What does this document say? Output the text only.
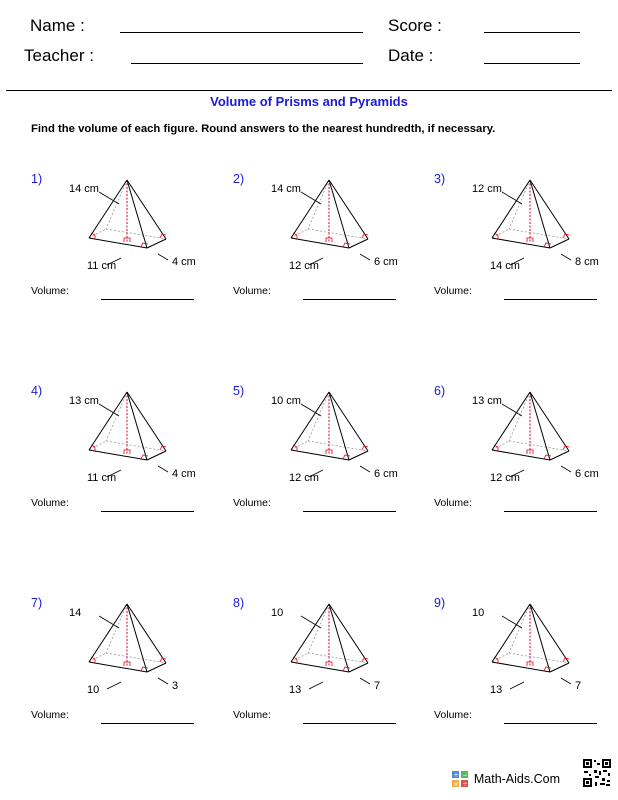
Name :	Score :
Teacher :	Date :
Volume of Prisms and Pyramids
Find the volume of each figure. Round answers to the nearest hundredth, if necessary.
1)
14 cm
11 cm	4 cm
Volume:
2)
14 cm
12 cm	6 cm
Volume:
3)
12 cm
14 cm	8 cm
Volume:
4)
13 cm
11 cm	4 cm
Volume:
5)
10 cm
12 cm	6 cm
Volume:
6)
13 cm
12 cm	6 cm
Volume:
7)
14
10	3
Volume:
8)
10
13	7
Volume:
9)
10
13	7
Volume:
+ −
× ÷ Math-Aids.Com
